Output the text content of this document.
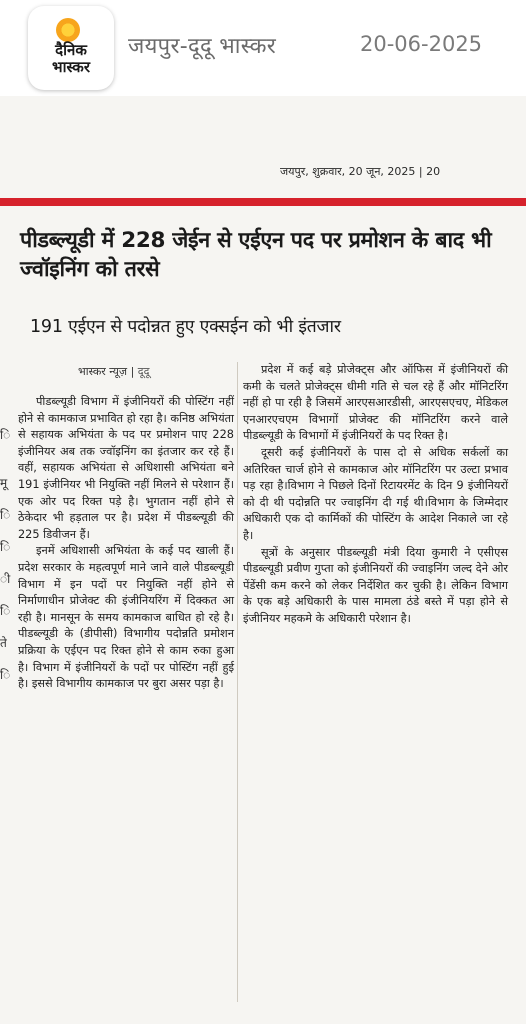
दैनिक
भास्कर
जयपुर-दूदू भास्कर	20-06-2025
जयपुर, शुक्रवार, 20 जून, 2025 | 20
पीडब्ल्यूडी में 228 जेईन से एईएन पद पर प्रमोशन के बाद भी ज्वॉइनिंग को तरसे
191 एईएन से पदोन्नत हुए एक्सईन को भी इंतजार
भास्कर न्यूज़ | दूदू
ि
मू
ि
ि
ी
ि
ते
ि

पीडब्ल्यूडी विभाग में इंजीनियरों की पोस्टिंग नहीं होने से कामकाज प्रभावित हो रहा है। कनिष्ठ अभियंता से सहायक अभियंता के पद पर प्रमोशन पाए 228 इंजीनियर अब तक ज्वॉइनिंग का इंतजार कर रहे हैं। वहीं, सहायक अभियंता से अधिशासी अभियंता बने 191 इंजीनियर भी नियुक्ति नहीं मिलने से परेशान हैं। एक ओर पद रिक्त पड़े है। भुगतान नहीं होने से ठेकेदार भी हड़ताल पर है। प्रदेश में पीडब्ल्यूडी की 225 डिवीजन हैं।

इनमें अधिशासी अभियंता के कई पद खाली हैं।प्रदेश सरकार के महत्वपूर्ण माने जाने वाले पीडब्ल्यूडी विभाग में इन पदों पर नियुक्ति नहीं होने से निर्माणाधीन प्रोजेक्ट की इंजीनियरिंग में दिक्कत आ रही है। मानसून के समय कामकाज बाधित हो रहे है। पीडब्ल्यूडी के (डीपीसी) विभागीय पदोन्नति प्रमोशन प्रक्रिया के एईएन पद रिक्त होने से काम रुका हुआ है। विभाग में इंजीनियरों के पदों पर पोस्टिंग नहीं हुई है। इससे विभागीय कामकाज पर बुरा असर पड़ा है।

प्रदेश में कई बड़े प्रोजेक्ट्स और ऑफिस में इंजीनियरों की कमी के चलते प्रोजेक्ट्स धीमी गति से चल रहे हैं और मॉनिटरिंग नहीं हो पा रही है जिसमें आरएसआरडीसी, आरएसएचए, मेडिकल एनआरएचएम विभागों प्रोजेक्ट की मॉनिटरिंग करने वाले पीडब्ल्यूडी के विभागों में इंजीनियरों के पद रिक्त है।

दूसरी कई इंजीनियरों के पास दो से अधिक सर्कलों का अतिरिक्त चार्ज होने से कामकाज ओर मॉनिटरिंग पर उल्टा प्रभाव पड़ रहा है।विभाग ने पिछले दिनों रिटायरमेंट के दिन 9 इंजीनियरों को दी थी पदोन्नति पर ज्वाइनिंग दी गई थी।विभाग के जिम्मेदार अधिकारी एक दो कार्मिकों की पोस्टिंग के आदेश निकाले जा रहे है।

सूत्रों के अनुसार पीडब्ल्यूडी मंत्री दिया कुमारी ने एसीएस पीडब्ल्यूडी प्रवीण गुप्ता को इंजीनियरों की ज्वाइनिंग जल्द देने ओर पेंडेंसी कम करने को लेकर निर्देशित कर चुकी है। लेकिन विभाग के एक बड़े अधिकारी के पास मामला ठंडे बस्ते में पड़ा होने से इंजीनियर महकमे के अधिकारी परेशान है।
